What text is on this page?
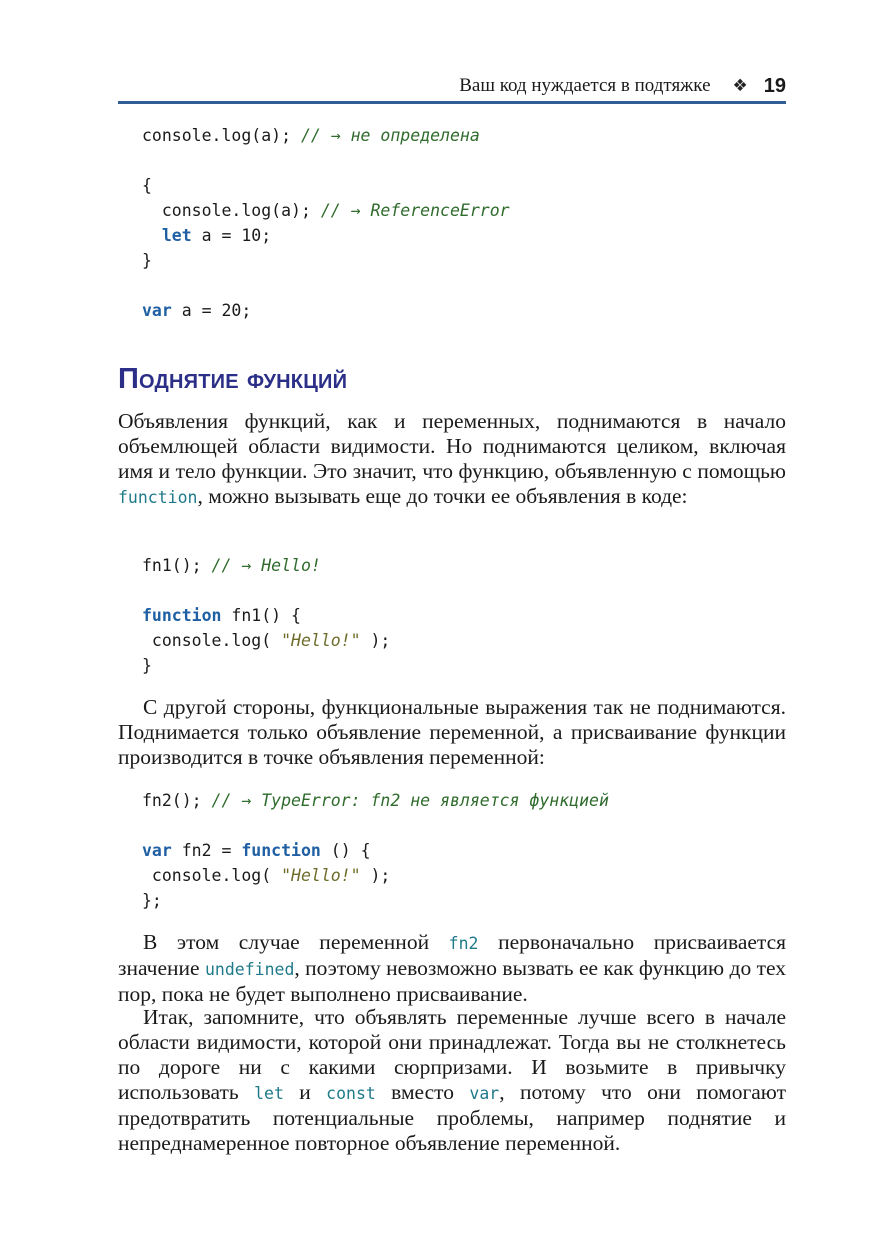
Ваш код нуждается в подтяжке ❖ 19
console.log(a); // → не определена

{
console.log(a); // → ReferenceError
let a = 10;
}

var a = 20;
Поднятие функций

Объявления функций, как и переменных, поднимаются в начало объемлющей области видимости. Но поднимаются целиком, включая имя и тело функции. Это значит, что функцию, объявленную с помощью function, можно вызывать еще до точки ее объявления в коде:

fn1(); // → Hello!

function fn1() {
console.log( "Hello!" );
}

С другой стороны, функциональные выражения так не поднимаются. Поднимается только объявление переменной, а присваивание функции производится в точке объявления переменной:

fn2(); // → TypeError: fn2 не является функцией

var fn2 = function () {
console.log( "Hello!" );
};

В этом случае переменной fn2 первоначально присваивается значение undefined, поэтому невозможно вызвать ее как функцию до тех пор, пока не будет выполнено присваивание.

Итак, запомните, что объявлять переменные лучше всего в начале области видимости, которой они принадлежат. Тогда вы не столкнетесь по дороге ни с какими сюрпризами. И возьмите в привычку использовать let и const вместо var, потому что они помогают предотвратить потенциальные проблемы, например поднятие и непреднамеренное повторное объявление переменной.
